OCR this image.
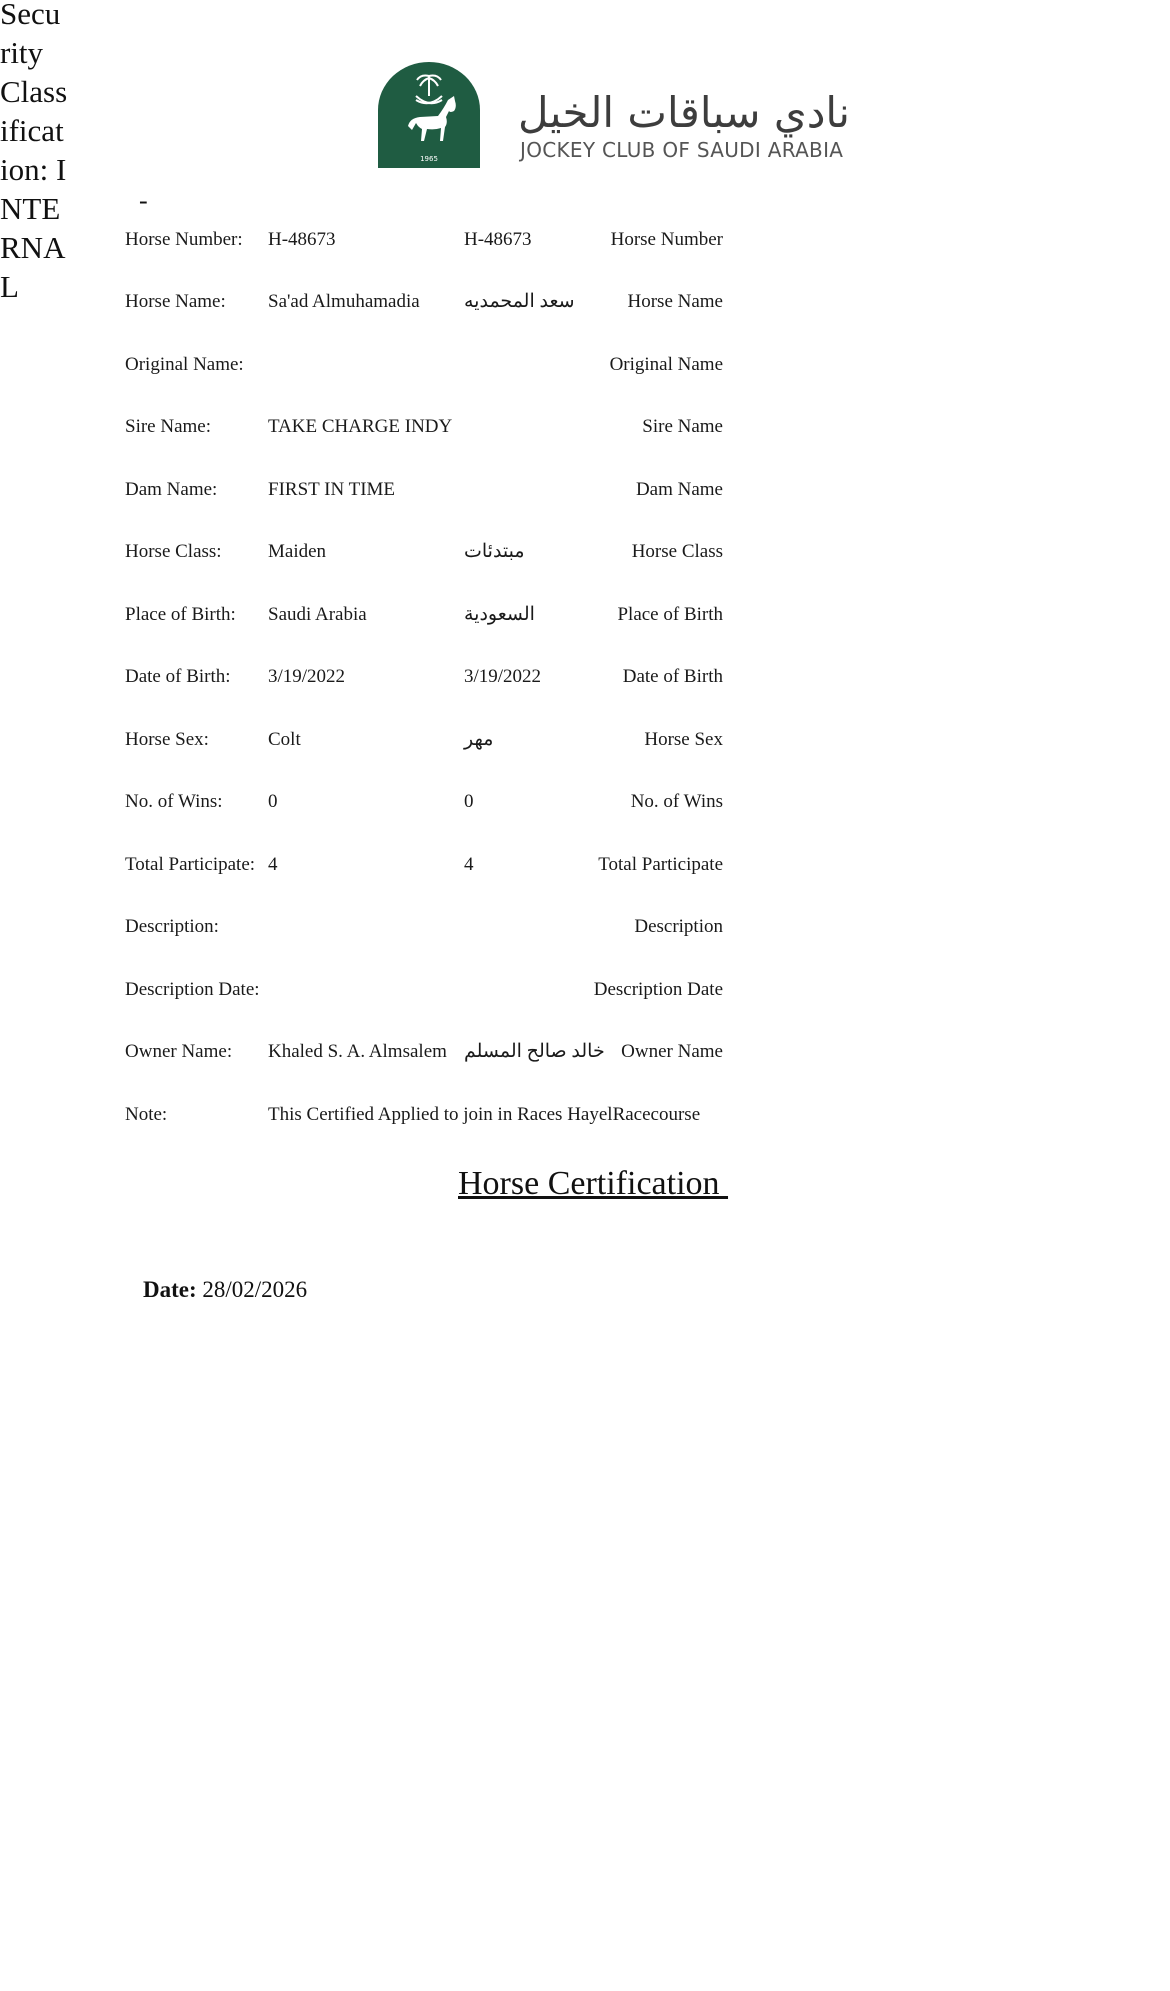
Security Classification: INTERNAL
1965
نادي سباقات الخيل
JOCKEY CLUB OF SAUDI ARABIA
-
Horse Number: H-48673	H-48673	Horse Number
Horse Name: Sa'ad Almuhamadia سعد المحمديه	Horse Name
Original Name:	Original Name
Sire Name:	TAKE CHARGE INDY	Sire Name
Dam Name:	FIRST IN TIME	Dam Name
Horse Class: Maiden	مبتدئات	Horse Class
Place of Birth: Saudi Arabia	السعودية	Place of Birth
Date of Birth: 3/19/2022	3/19/2022	Date of Birth
Horse Sex:	Colt	مهر	Horse Sex
No. of Wins: 0	0	No. of Wins
Total Participate: 4	4	Total Participate
Description:	Description
Description Date:	Description Date
Owner Name: Khaled S. A. Almsalem خالد صالح المسلم Owner Name
Note:	This Certified Applied to join in Races HayelRacecourse
Horse Certification
Date: 28/02/2026
